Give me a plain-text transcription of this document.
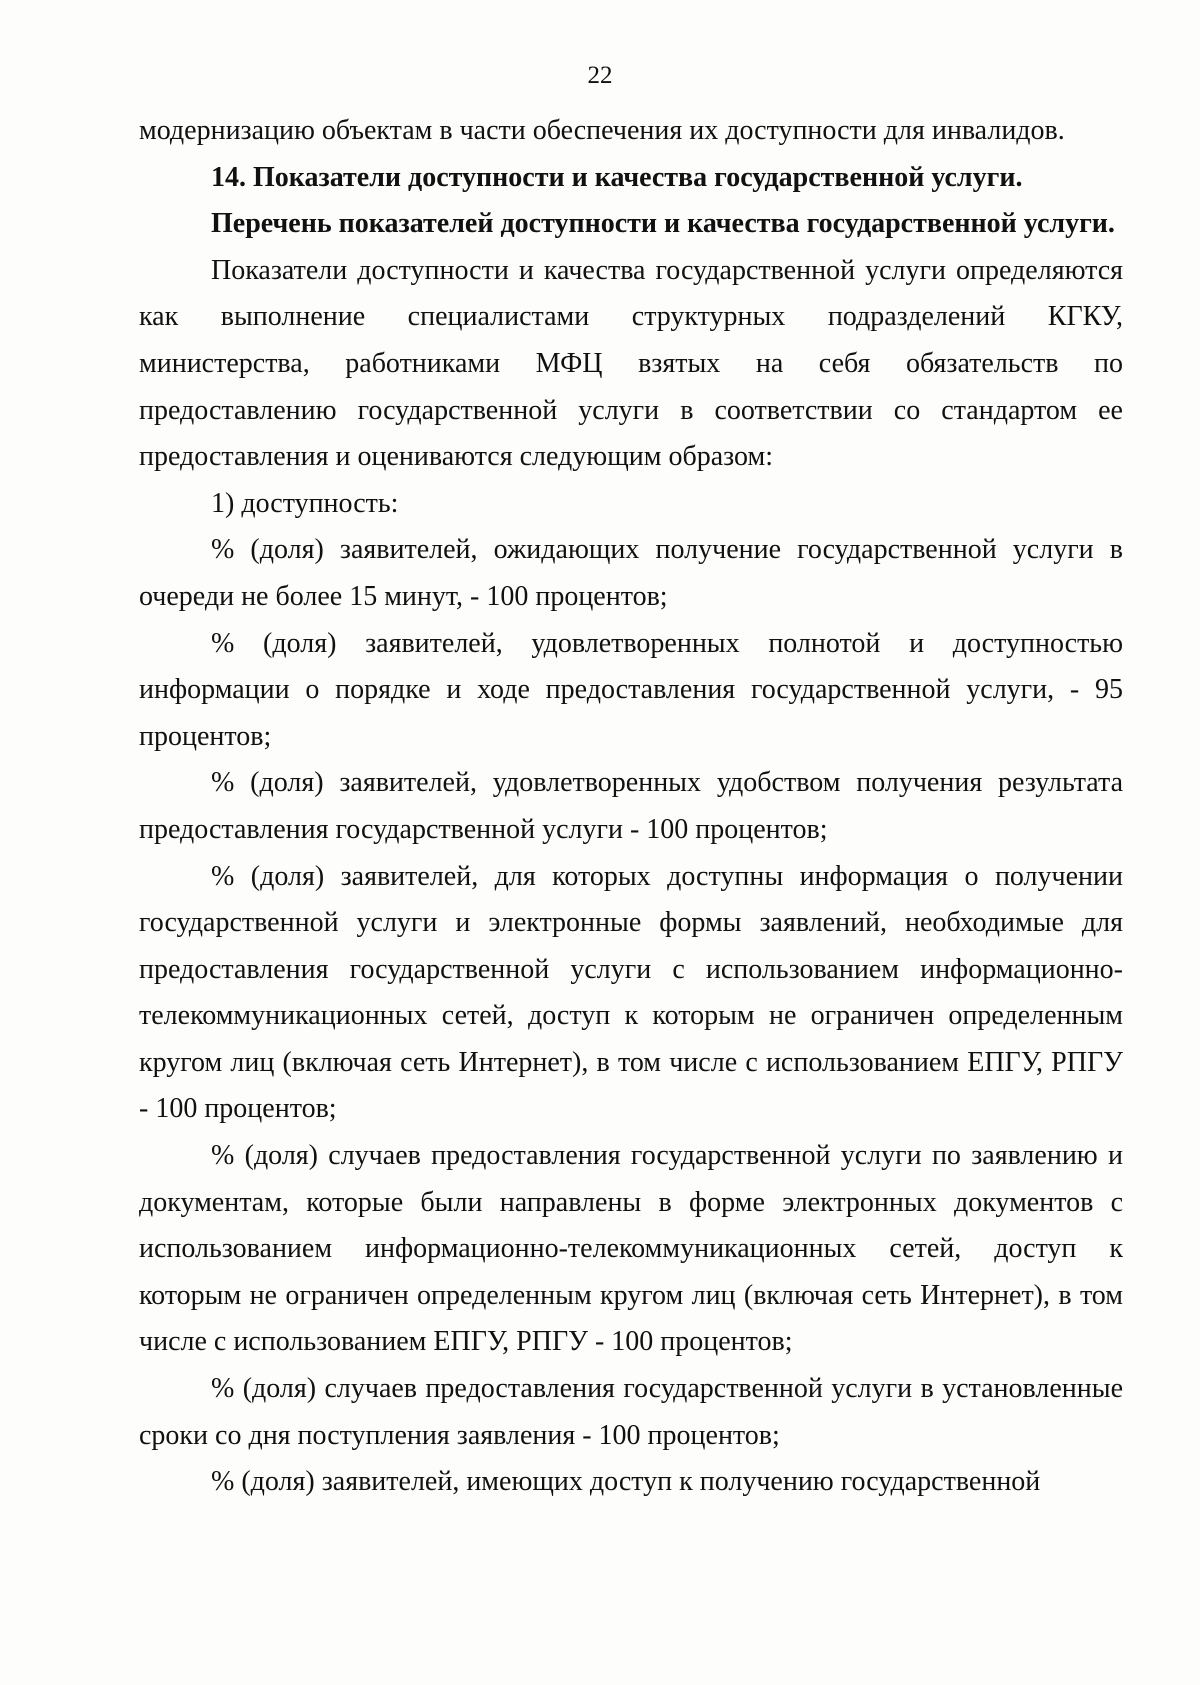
22

модернизацию объектам в части обеспечения их доступности для инвалидов.

14. Показатели доступности и качества государственной услуги.

Перечень показателей доступности и качества государственной услуги.

Показатели доступности и качества государственной услуги определяются как выполнение специалистами структурных подразделений КГКУ, министерства, работниками МФЦ взятых на себя обязательств по предоставлению государственной услуги в соответствии со стандартом ее предоставления и оцениваются следующим образом:

1) доступность:

% (доля) заявителей, ожидающих получение государственной услуги в очереди не более 15 минут, - 100 процентов;

% (доля) заявителей, удовлетворенных полнотой и доступностью информации о порядке и ходе предоставления государственной услуги, - 95 процентов;

% (доля) заявителей, удовлетворенных удобством получения результата предоставления государственной услуги - 100 процентов;

% (доля) заявителей, для которых доступны информация о получении государственной услуги и электронные формы заявлений, необходимые для предоставления государственной услуги с использованием информационно-телекоммуникационных сетей, доступ к которым не ограничен определенным кругом лиц (включая сеть Интернет), в том числе с использованием ЕПГУ, РПГУ - 100 процентов;

% (доля) случаев предоставления государственной услуги по заявлению и документам, которые были направлены в форме электронных документов с использованием информационно-телекоммуникационных сетей, доступ к которым не ограничен определенным кругом лиц (включая сеть Интернет), в том числе с использованием ЕПГУ, РПГУ - 100 процентов;

% (доля) случаев предоставления государственной услуги в установленные сроки со дня поступления заявления - 100 процентов;

% (доля) заявителей, имеющих доступ к получению государственной
